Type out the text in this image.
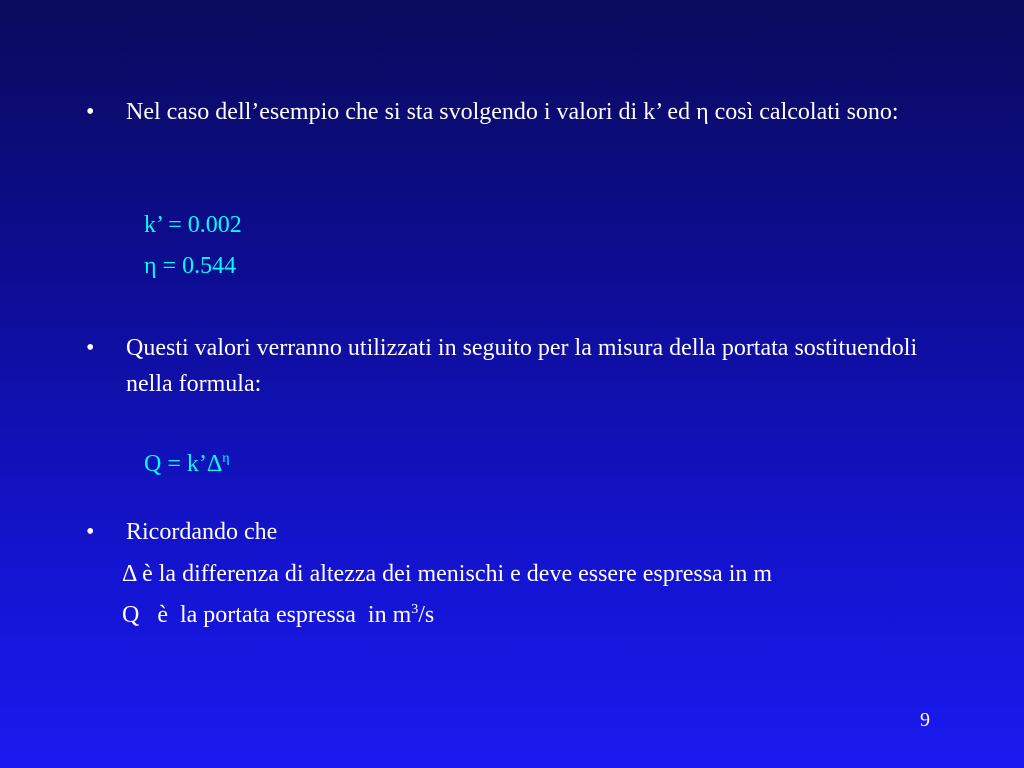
•	Nel caso dell’esempio che si sta svolgendo i valori di k’ ed η così calcolati sono:
k’ = 0.002
η = 0.544
•	Questi valori verranno utilizzati in seguito per la misura della portata sostituendoli nella formula:
$Q = k’\Delta^\eta$
•	Ricordando che
Δ è la differenza di altezza dei menischi e deve essere espressa in m
Q   è  la portata espressa  in $m^3/s$
9
